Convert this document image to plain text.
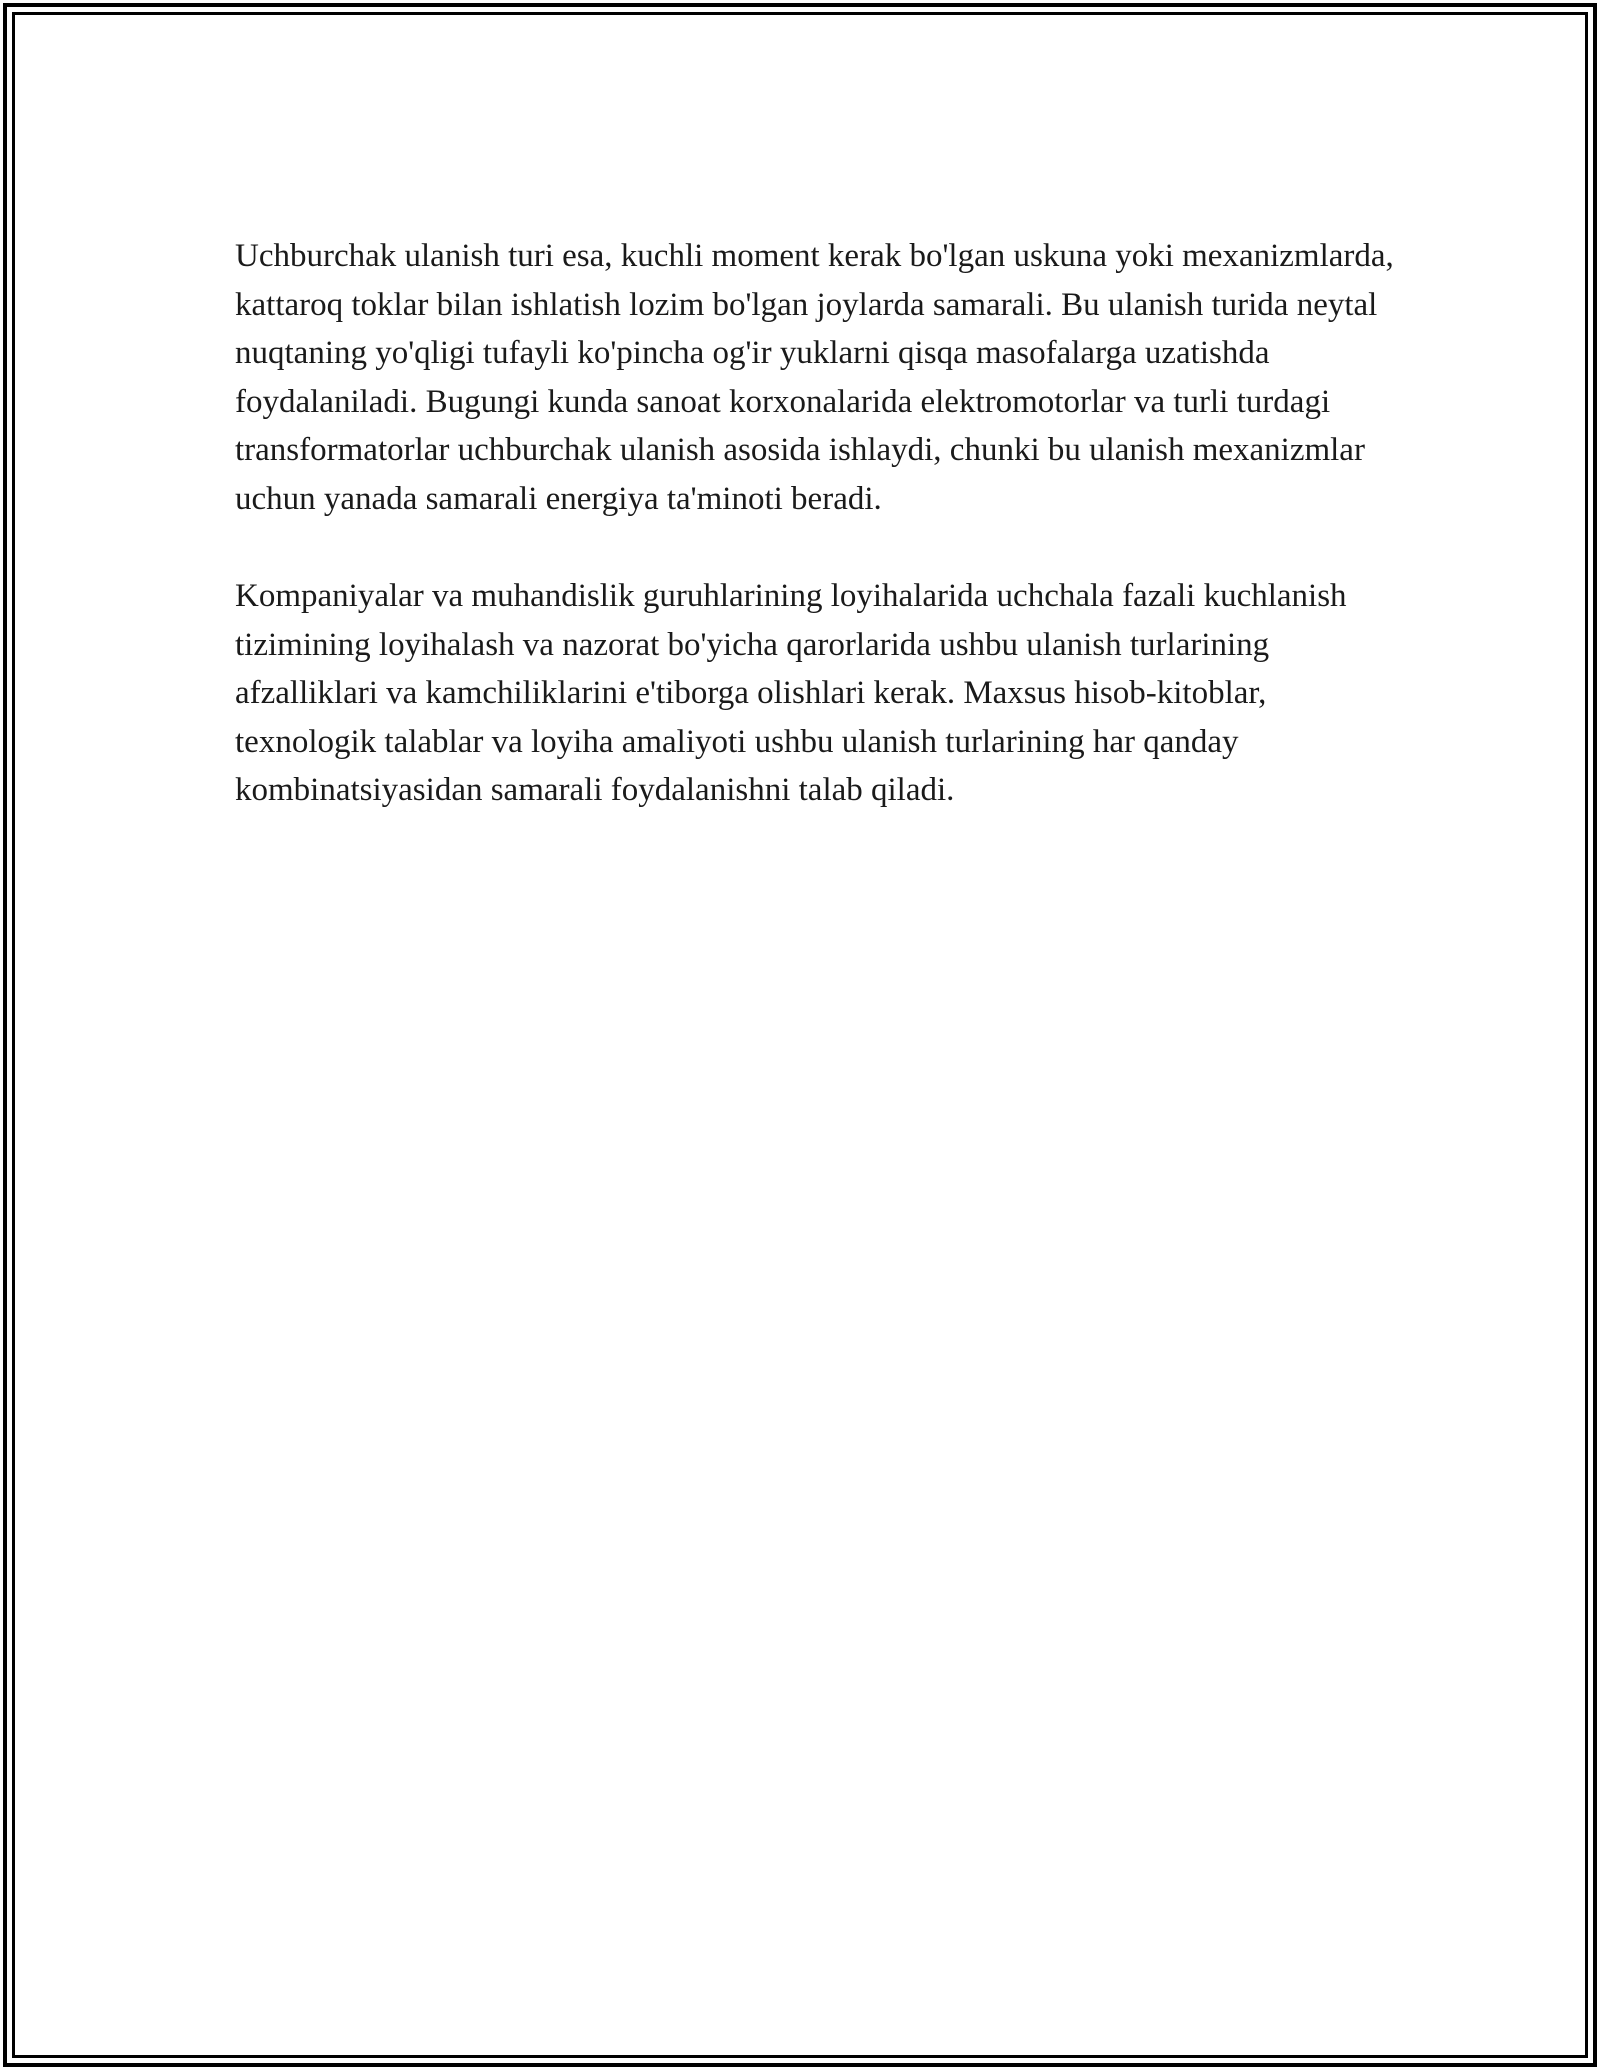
Uchburchak ulanish turi esa, kuchli moment kerak bo'lgan uskuna yoki mexanizmlarda, kattaroq toklar bilan ishlatish lozim bo'lgan joylarda samarali. Bu ulanish turida neytal nuqtaning yo'qligi tufayli ko'pincha og'ir yuklarni qisqa masofalarga uzatishda foydalaniladi. Bugungi kunda sanoat korxonalarida elektromotorlar va turli turdagi transformatorlar uchburchak ulanish asosida ishlaydi, chunki bu ulanish mexanizmlar uchun yanada samarali energiya ta'minoti beradi.

Kompaniyalar va muhandislik guruhlarining loyihalarida uchchala fazali kuchlanish tizimining loyihalash va nazorat bo'yicha qarorlarida ushbu ulanish turlarining afzalliklari va kamchiliklarini e'tiborga olishlari kerak. Maxsus hisob-kitoblar, texnologik talablar va loyiha amaliyoti ushbu ulanish turlarining har qanday kombinatsiyasidan samarali foydalanishni talab qiladi.
